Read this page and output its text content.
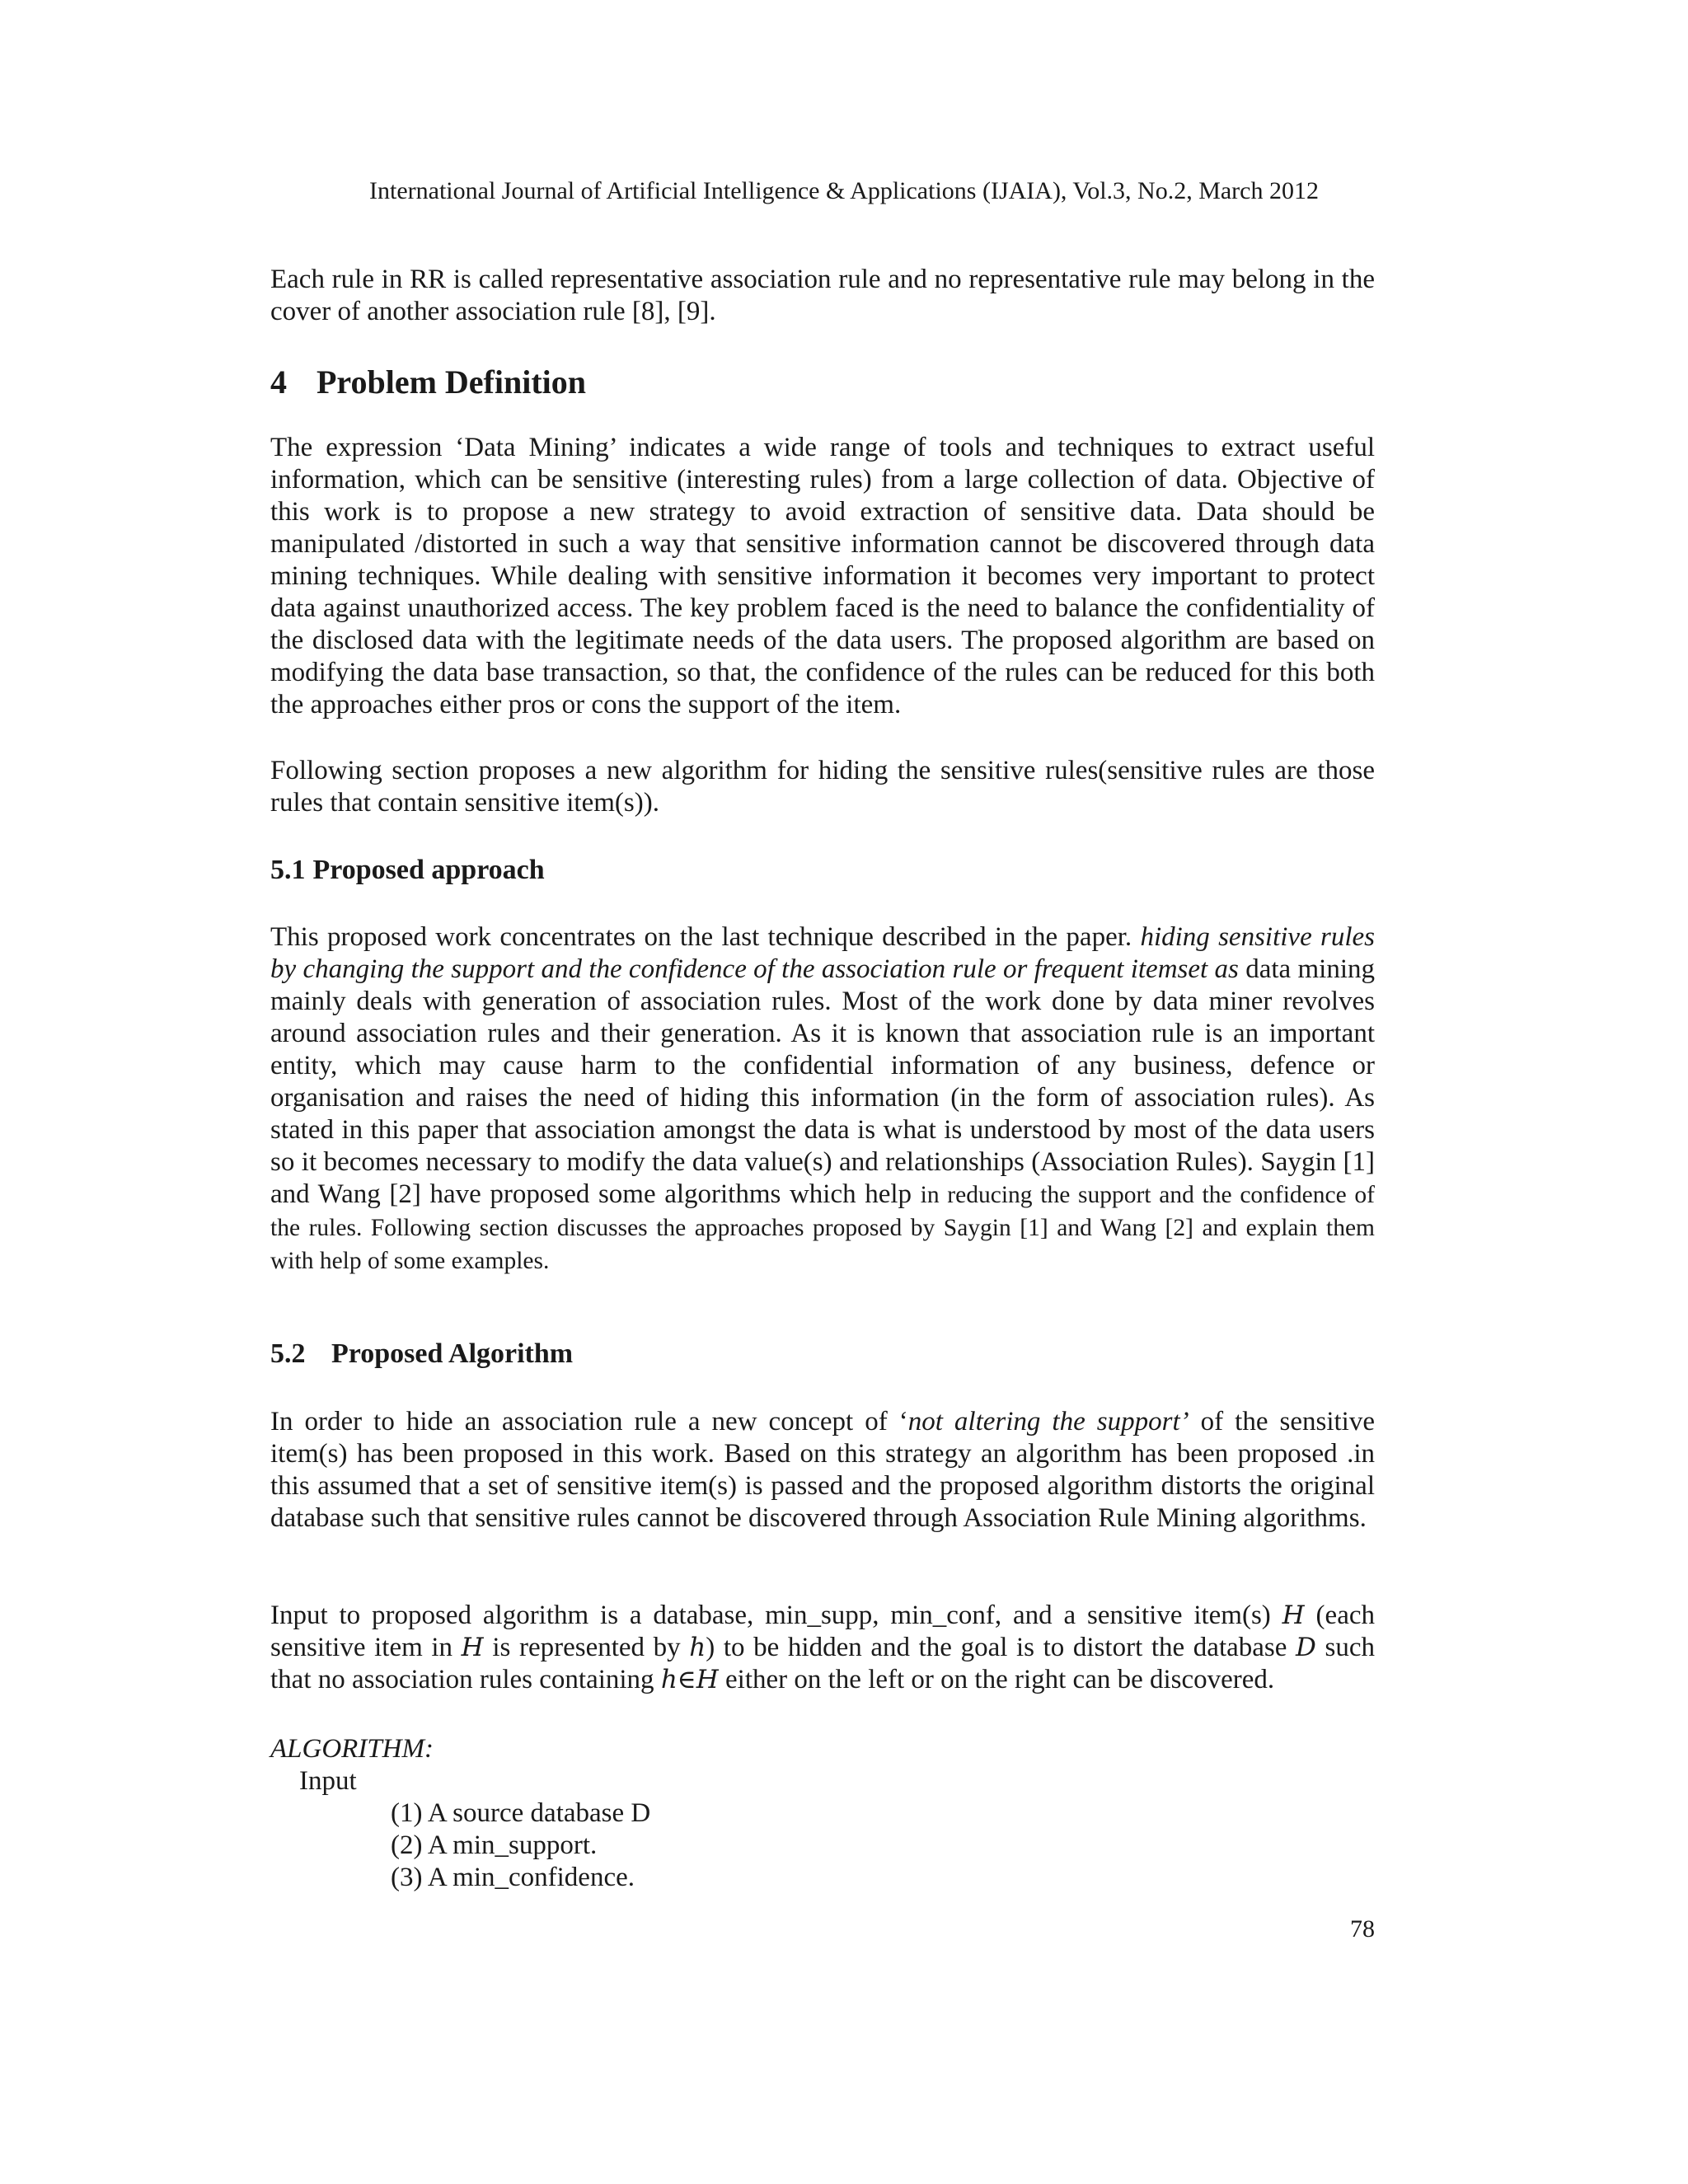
International Journal of Artificial Intelligence & Applications (IJAIA), Vol.3, No.2, March 2012

Each rule in RR is called representative association rule and no representative rule may belong in the cover of another association rule [8], [9].

4 Problem Definition

The expression ‘Data Mining’ indicates a wide range of tools and techniques to extract useful information, which can be sensitive (interesting rules) from a large collection of data. Objective of this work is to propose a new strategy to avoid extraction of sensitive data. Data should be manipulated /distorted in such a way that sensitive information cannot be discovered through data mining techniques. While dealing with sensitive information it becomes very important to protect data against unauthorized access. The key problem faced is the need to balance the confidentiality of the disclosed data with the legitimate needs of the data users. The proposed algorithm are based on modifying the data base transaction, so that, the confidence of the rules can be reduced for this both the approaches either pros or cons the support of the item.

Following section proposes a new algorithm for hiding the sensitive rules(sensitive rules are those rules that contain sensitive item(s)).

5.1 Proposed approach

This proposed work concentrates on the last technique described in the paper. hiding sensitive rules by changing the support and the confidence of the association rule or frequent itemset as data mining mainly deals with generation of association rules. Most of the work done by data miner revolves around association rules and their generation. As it is known that association rule is an important entity, which may cause harm to the confidential information of any business, defence or organisation and raises the need of hiding this information (in the form of association rules). As stated in this paper that association amongst the data is what is understood by most of the data users so it becomes necessary to modify the data value(s) and relationships (Association Rules). Saygin [1] and Wang [2] have proposed some algorithms which help in reducing the support and the confidence of the rules. Following section discusses the approaches proposed by Saygin [1] and Wang [2] and explain them with help of some examples.

5.2 Proposed Algorithm

In order to hide an association rule a new concept of ‘not altering the support’ of the sensitive item(s) has been proposed in this work. Based on this strategy an algorithm has been proposed .in this assumed that a set of sensitive item(s) is passed and the proposed algorithm distorts the original database such that sensitive rules cannot be discovered through Association Rule Mining algorithms.

Input to proposed algorithm is a database, min_supp, min_conf, and a sensitive item(s) H (each sensitive item in H is represented by h) to be hidden and the goal is to distort the database D such that no association rules containing h∈H either on the left or on the right can be discovered.

ALGORITHM:

Input

(1) A source database D
(2) A min_support.
(3) A min_confidence.

78
